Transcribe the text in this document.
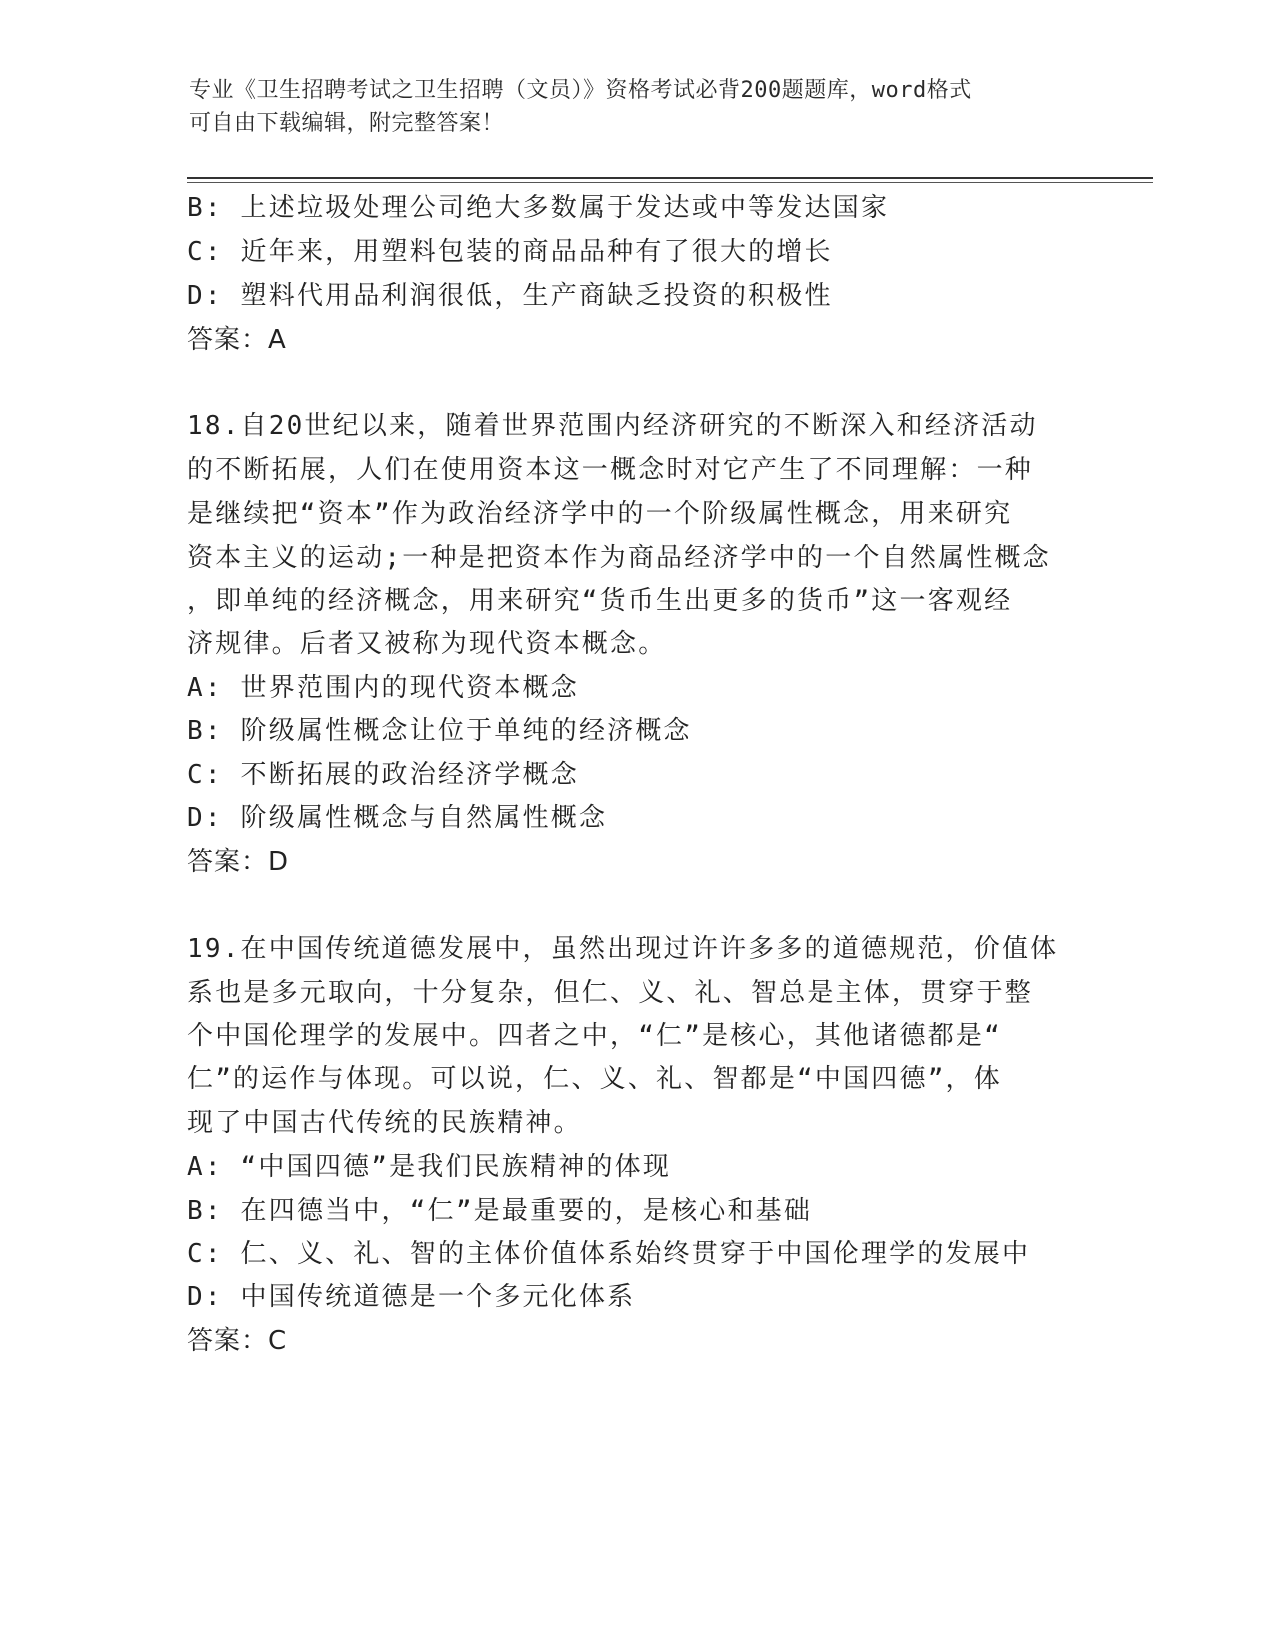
专业《卫生招聘考试之卫生招聘（文员）》资格考试必背200题题库，word格式
可自由下载编辑，附完整答案！
B: 上述垃圾处理公司绝大多数属于发达或中等发达国家
C: 近年来，用塑料包装的商品品种有了很大的增长
D: 塑料代用品利润很低，生产商缺乏投资的积极性
答案：A
18.自20世纪以来，随着世界范围内经济研究的不断深入和经济活动
的不断拓展，人们在使用资本这一概念时对它产生了不同理解：一种
是继续把“资本”作为政治经济学中的一个阶级属性概念，用来研究
资本主义的运动;一种是把资本作为商品经济学中的一个自然属性概念
，即单纯的经济概念，用来研究“货币生出更多的货币”这一客观经
济规律。后者又被称为现代资本概念。
A: 世界范围内的现代资本概念
B: 阶级属性概念让位于单纯的经济概念
C: 不断拓展的政治经济学概念
D: 阶级属性概念与自然属性概念
答案：D
19.在中国传统道德发展中，虽然出现过许许多多的道德规范，价值体
系也是多元取向，十分复杂，但仁、义、礼、智总是主体，贯穿于整
个中国伦理学的发展中。四者之中，“仁”是核心，其他诸德都是“
仁”的运作与体现。可以说，仁、义、礼、智都是“中国四德”，体
现了中国古代传统的民族精神。
A: “中国四德”是我们民族精神的体现
B: 在四德当中，“仁”是最重要的，是核心和基础
C: 仁、义、礼、智的主体价值体系始终贯穿于中国伦理学的发展中
D: 中国传统道德是一个多元化体系
答案：C
